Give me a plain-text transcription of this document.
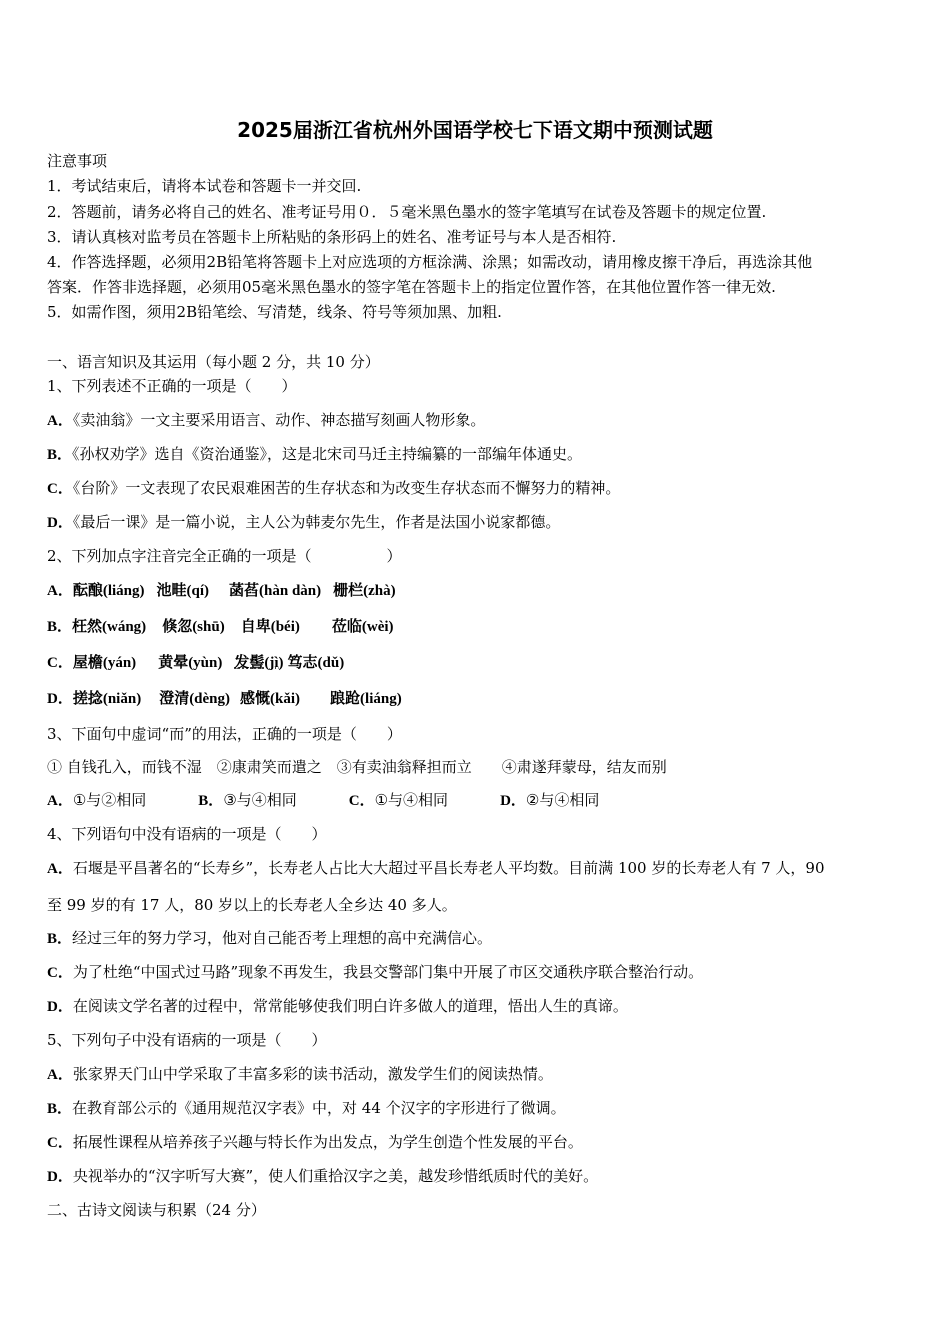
2025届浙江省杭州外国语学校七下语文期中预测试题
注意事项
1．考试结束后，请将本试卷和答题卡一并交回.
2．答题前，请务必将自己的姓名、准考证号用０．５毫米黑色墨水的签字笔填写在试卷及答题卡的规定位置.
3．请认真核对监考员在答题卡上所粘贴的条形码上的姓名、准考证号与本人是否相符.
4．作答选择题，必须用2B铅笔将答题卡上对应选项的方框涂满、涂黑；如需改动，请用橡皮擦干净后，再选涂其他
答案．作答非选择题，必须用05毫米黑色墨水的签字笔在答题卡上的指定位置作答，在其他位置作答一律无效.
5．如需作图，须用2B铅笔绘、写清楚，线条、符号等须加黑、加粗.
一、语言知识及其运用（每小题 2 分，共 10 分）
1、下列表述不正确的一项是（　　）
A．《卖油翁》一文主要采用语言、动作、神态描写刻画人物形象。
B．《孙权劝学》选自《资治通鉴》，这是北宋司马迁主持编纂的一部编年体通史。
C．《台阶》一文表现了农民艰难困苦的生存状态和为改变生存状态而不懈努力的精神。
D．《最后一课》是一篇小说，主人公为韩麦尔先生，作者是法国小说家都德。
2、下列加点字注音完全正确的一项是（　　　　　）
A．酝酿(liáng) 池畦(qí) 菡萏(hàn dàn) 栅栏(zhà)
B．枉然(wáng) 倏忽(shū) 自卑(béi) 莅临(wèi)
C．屋檐(yán) 黄晕(yùn) 发髻(jì) 笃志(dǔ)
D．搓捻(niǎn) 澄清(dèng) 感慨(kǎi) 踉跄(liáng)
3、下面句中虚词“而”的用法，正确的一项是（　　）
① 自钱孔入，而钱不湿　②康肃笑而遣之　③有卖油翁释担而立　　④肃遂拜蒙母，结友而别
A．①与②相同	B．③与④相同	C．①与④相同	D．②与④相同
4、下列语句中没有语病的一项是（　　）
A．石堰是平昌著名的“长寿乡”，长寿老人占比大大超过平昌长寿老人平均数。目前满 100 岁的长寿老人有 7 人，90
至 99 岁的有 17 人，80 岁以上的长寿老人全乡达 40 多人。
B．经过三年的努力学习，他对自己能否考上理想的高中充满信心。
C．为了杜绝“中国式过马路”现象不再发生，我县交警部门集中开展了市区交通秩序联合整治行动。
D．在阅读文学名著的过程中，常常能够使我们明白许多做人的道理，悟出人生的真谛。
5、下列句子中没有语病的一项是（　　）
A．张家界天门山中学采取了丰富多彩的读书活动，激发学生们的阅读热情。
B．在教育部公示的《通用规范汉字表》中，对 44 个汉字的字形进行了微调。
C．拓展性课程从培养孩子兴趣与特长作为出发点，为学生创造个性发展的平台。
D．央视举办的“汉字听写大赛”，使人们重拾汉字之美，越发珍惜纸质时代的美好。
二、古诗文阅读与积累（24 分）
